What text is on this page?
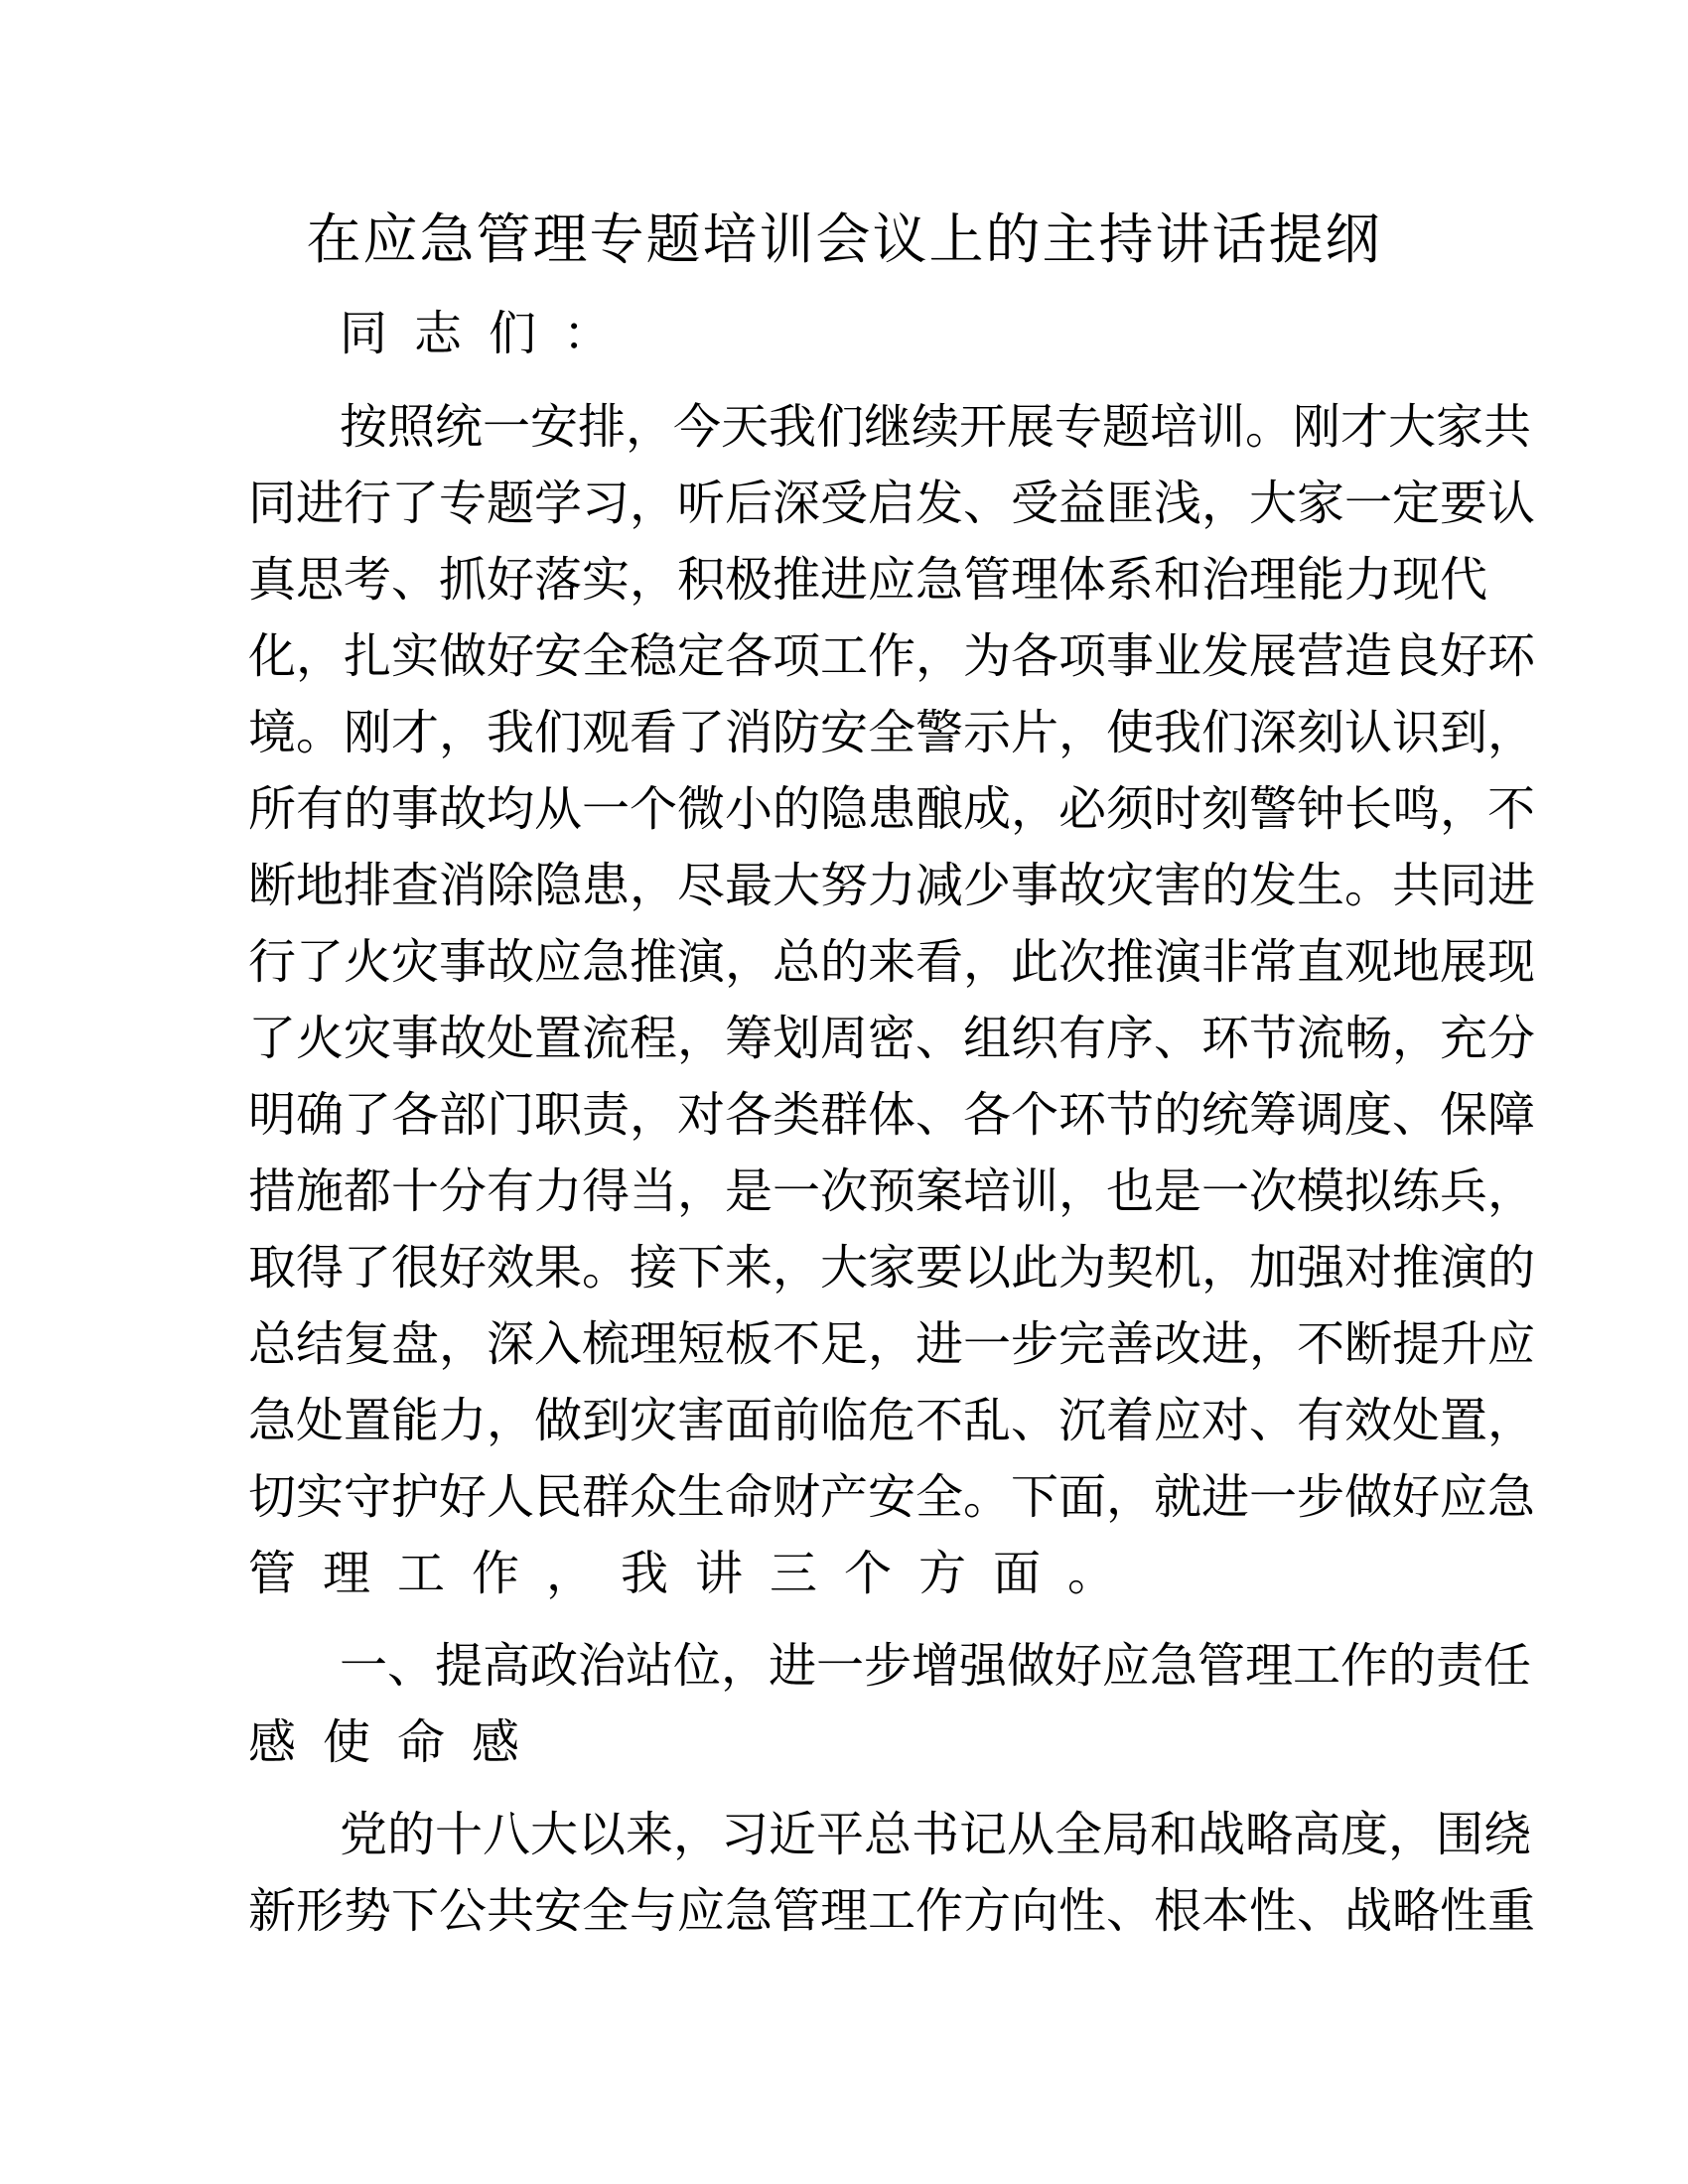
在应急管理专题培训会议上的主持讲话提纲
同志们：
按照统一安排，今天我们继续开展专题培训。刚才大家共
同进行了专题学习，听后深受启发、受益匪浅，大家一定要认
真思考、抓好落实，积极推进应急管理体系和治理能力现代
化，扎实做好安全稳定各项工作，为各项事业发展营造良好环
境。刚才，我们观看了消防安全警示片，使我们深刻认识到，
所有的事故均从一个微小的隐患酿成，必须时刻警钟长鸣，不
断地排查消除隐患，尽最大努力减少事故灾害的发生。共同进
行了火灾事故应急推演，总的来看，此次推演非常直观地展现
了火灾事故处置流程，筹划周密、组织有序、环节流畅，充分
明确了各部门职责，对各类群体、各个环节的统筹调度、保障
措施都十分有力得当，是一次预案培训，也是一次模拟练兵，
取得了很好效果。接下来，大家要以此为契机，加强对推演的
总结复盘，深入梳理短板不足，进一步完善改进，不断提升应
急处置能力，做到灾害面前临危不乱、沉着应对、有效处置，
切实守护好人民群众生命财产安全。下面，就进一步做好应急
管理工作，我讲三个方面。
一、提高政治站位，进一步增强做好应急管理工作的责任
感使命感
党的十八大以来，习近平总书记从全局和战略高度，围绕
新形势下公共安全与应急管理工作方向性、根本性、战略性重
